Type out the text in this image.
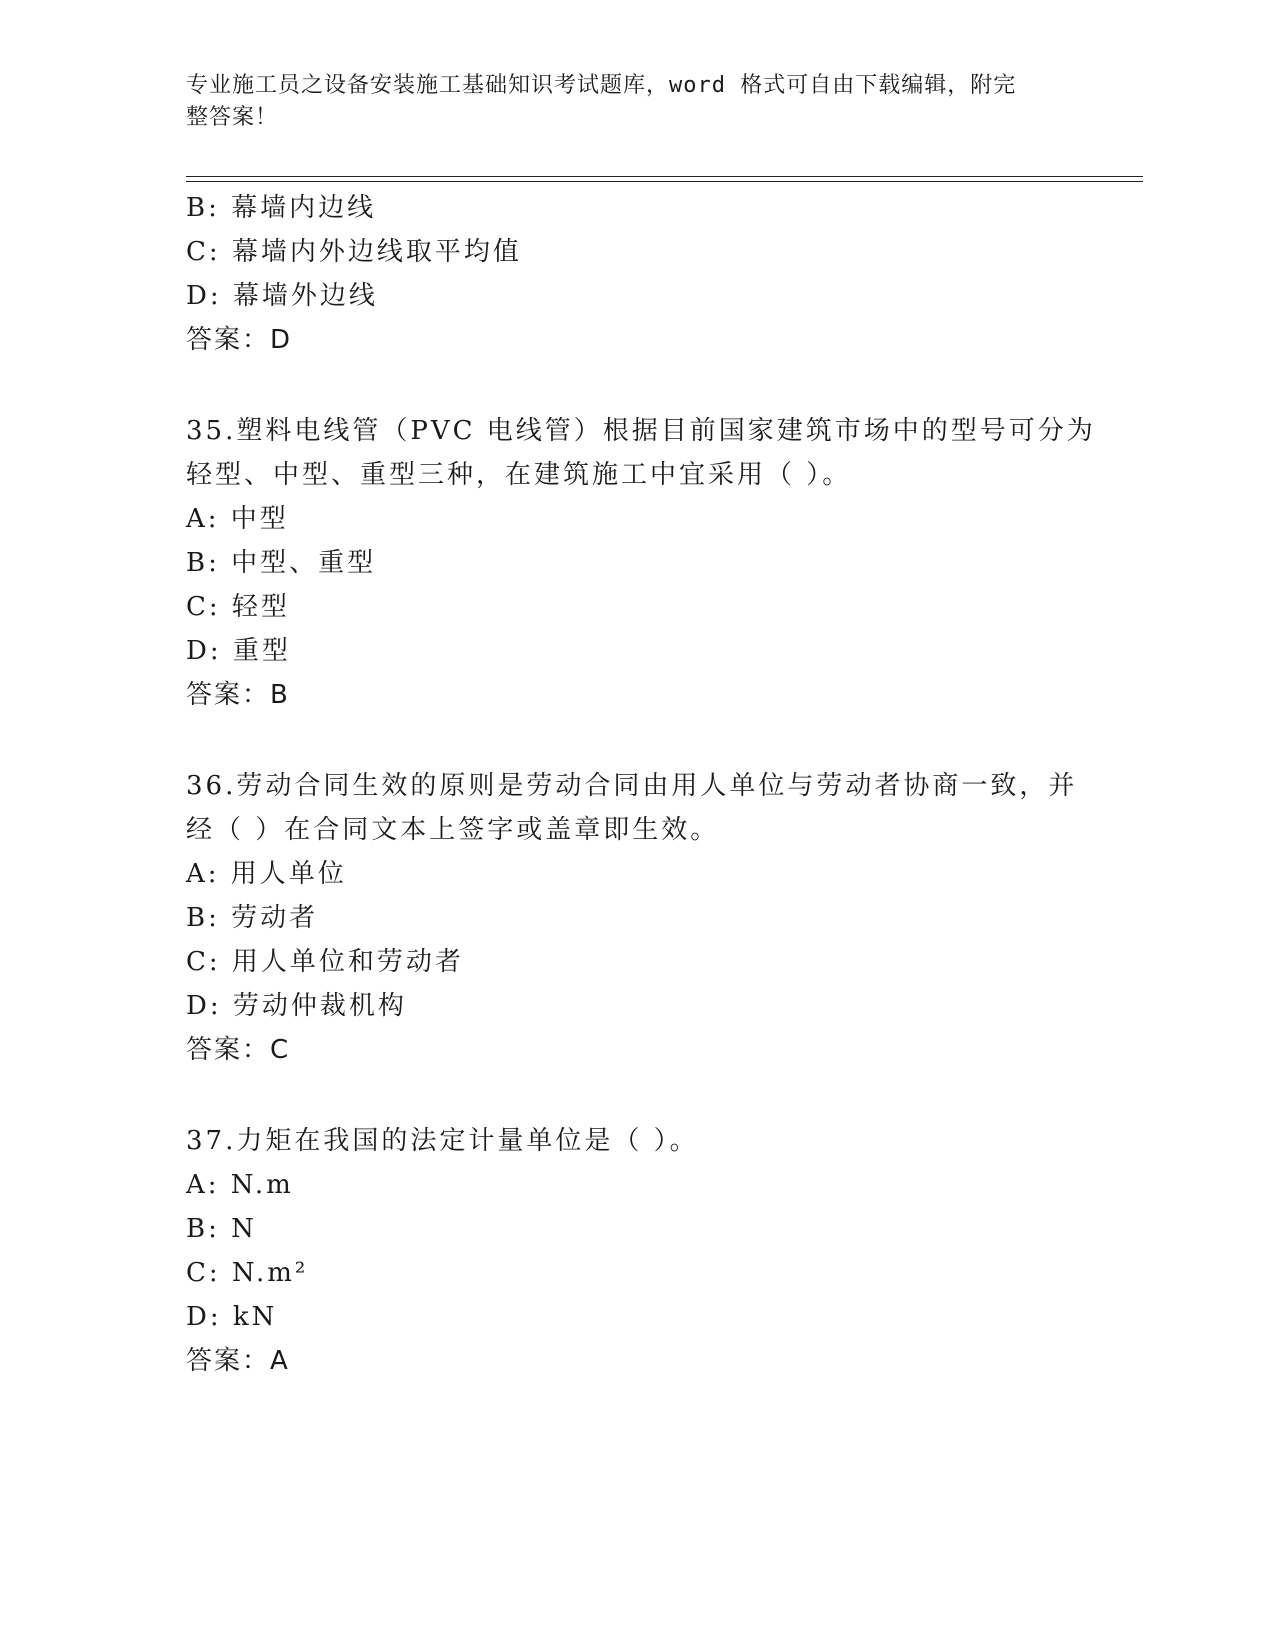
专业施工员之设备安装施工基础知识考试题库，word 格式可自由下载编辑，附完
整答案！
B: 幕墙内边线
C: 幕墙内外边线取平均值
D: 幕墙外边线
答案：D
35.塑料电线管（PVC 电线管）根据目前国家建筑市场中的型号可分为
轻型、中型、重型三种，在建筑施工中宜采用（ ）。
A: 中型
B: 中型、重型
C: 轻型
D: 重型
答案：B
36.劳动合同生效的原则是劳动合同由用人单位与劳动者协商一致，并
经（ ）在合同文本上签字或盖章即生效。
A: 用人单位
B: 劳动者
C: 用人单位和劳动者
D: 劳动仲裁机构
答案：C
37.力矩在我国的法定计量单位是（ ）。
A: N.m
B: N
C: N.m²
D: kN
答案：A
